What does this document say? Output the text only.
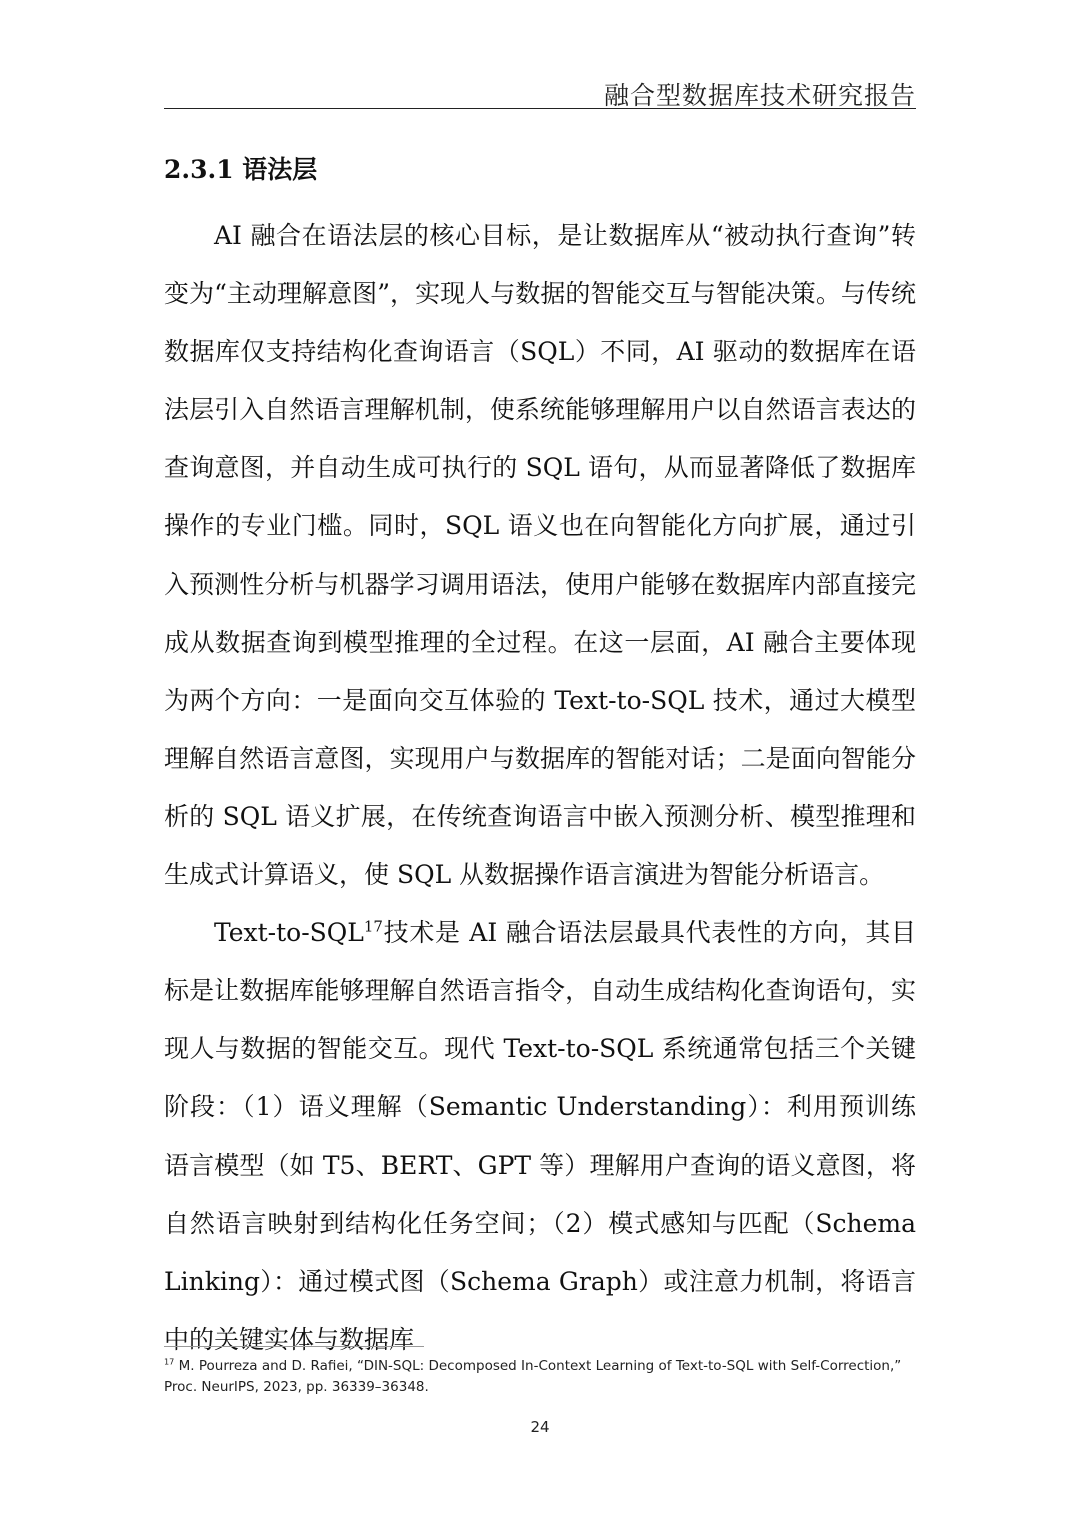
融合型数据库技术研究报告
2.3.1 语法层

AI 融合在语法层的核心目标，是让数据库从“被动执行查询”转变为“主动理解意图”，实现人与数据的智能交互与智能决策。与传统数据库仅支持结构化查询语言（SQL）不同，AI 驱动的数据库在语法层引入自然语言理解机制，使系统能够理解用户以自然语言表达的查询意图，并自动生成可执行的 SQL 语句，从而显著降低了数据库操作的专业门槛。同时，SQL 语义也在向智能化方向扩展，通过引入预测性分析与机器学习调用语法，使用户能够在数据库内部直接完成从数据查询到模型推理的全过程。在这一层面，AI 融合主要体现为两个方向：一是面向交互体验的 Text-to-SQL 技术，通过大模型理解自然语言意图，实现用户与数据库的智能对话；二是面向智能分析的 SQL 语义扩展，在传统查询语言中嵌入预测分析、模型推理和生成式计算语义，使 SQL 从数据操作语言演进为智能分析语言。

Text-to-SQL$^{17}$技术是 AI 融合语法层最具代表性的方向，其目标是让数据库能够理解自然语言指令，自动生成结构化查询语句，实现人与数据的智能交互。现代 Text-to-SQL 系统通常包括三个关键阶段：（1）语义理解（Semantic Understanding）：利用预训练语言模型（如 T5、BERT、GPT 等）理解用户查询的语义意图，将自然语言映射到结构化任务空间；（2）模式感知与匹配（Schema Linking）：通过模式图（Schema Graph）或注意力机制，将语言中的关键实体与数据库

$^{17}$ M. Pourreza and D. Rafiei, “DIN-SQL: Decomposed In-Context Learning of Text-to-SQL with Self-Correction,” Proc. NeurIPS, 2023, pp. 36339–36348.
24
